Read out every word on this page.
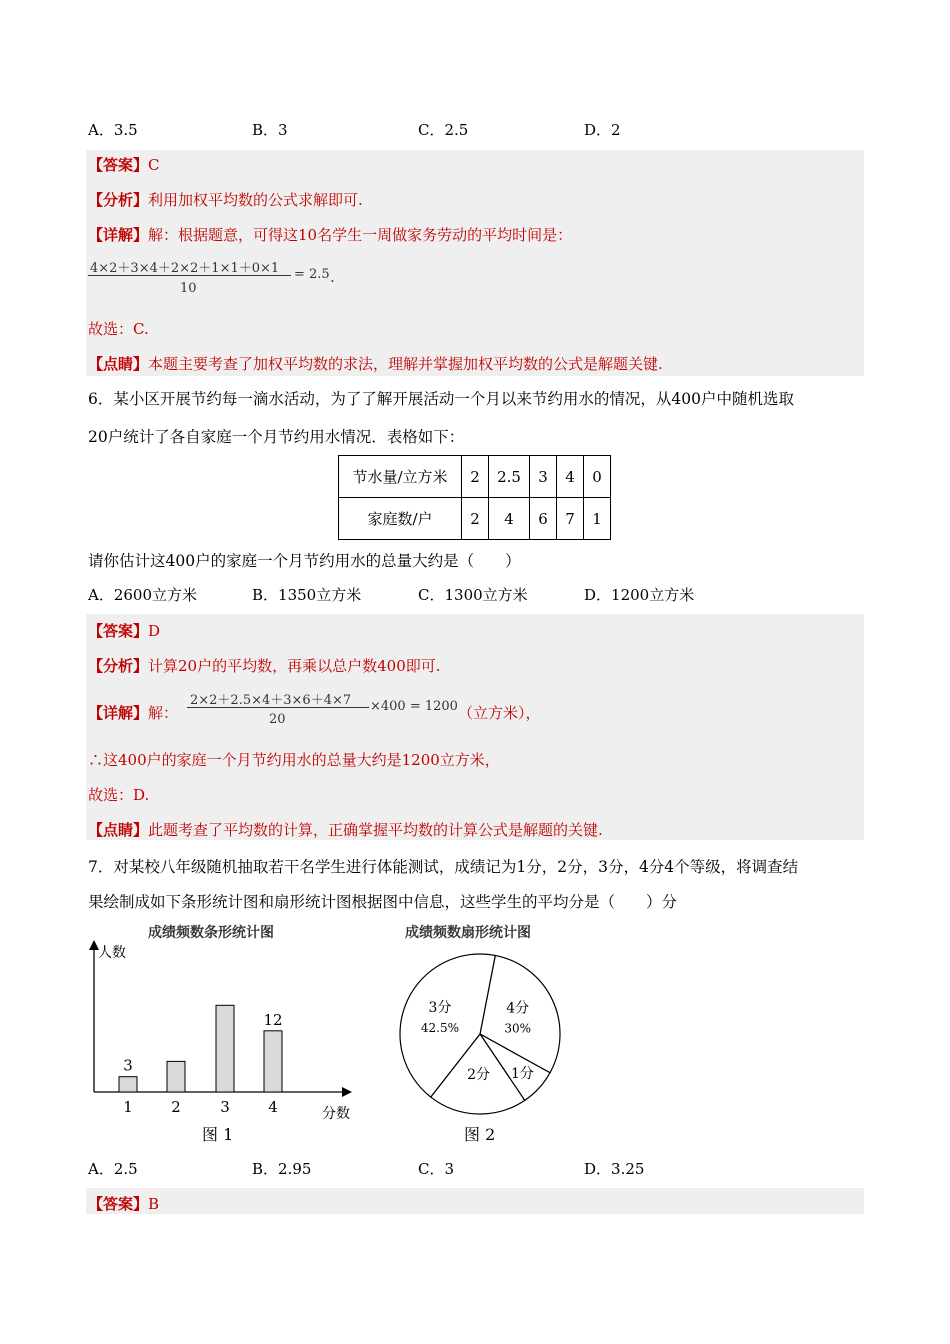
A．3.5	B．3	C．2.5	D．2
【答案】C
【分析】利用加权平均数的公式求解即可.
【详解】解：根据题意，可得这10名学生一周做家务劳动的平均时间是：
4×2＋3×4＋2×2＋1×1＋0×1
10
= 2.5 .
故选：C.
【点睛】本题主要考查了加权平均数的求法，理解并掌握加权平均数的公式是解题关键.
6．某小区开展节约每一滴水活动，为了了解开展活动一个月以来节约用水的情况，从400户中随机选取
20户统计了各自家庭一个月节约用水情况．表格如下：
节水量/立方米	2	2.5	3	4	0
家庭数/户	2	4	6	7	1
请你估计这400户的家庭一个月节约用水的总量大约是（　　）
A．2600立方米	B．1350立方米	C．1300立方米	D．1200立方米
【答案】D
【分析】计算20户的平均数，再乘以总户数400即可.
【详解】解：
2×2＋2.5×4＋3×6＋4×7
20
×400 = 1200 （立方米），
∴这400户的家庭一个月节约用水的总量大约是1200立方米，
故选：D.
【点睛】此题考查了平均数的计算，正确掌握平均数的计算公式是解题的关键.
7．对某校八年级随机抽取若干名学生进行体能测试，成绩记为1分，2分，3分，4分4个等级，将调查结
果绘制成如下条形统计图和扇形统计图根据图中信息，这些学生的平均分是（　　）分
成绩频数条形统计图
人数
分数
1
3
2	3	4
12
图 1
成绩频数扇形统计图
4分
30%
1分
2分
3分
42.5%
图 2
A．2.5	B．2.95	C．3	D．3.25
【答案】B
